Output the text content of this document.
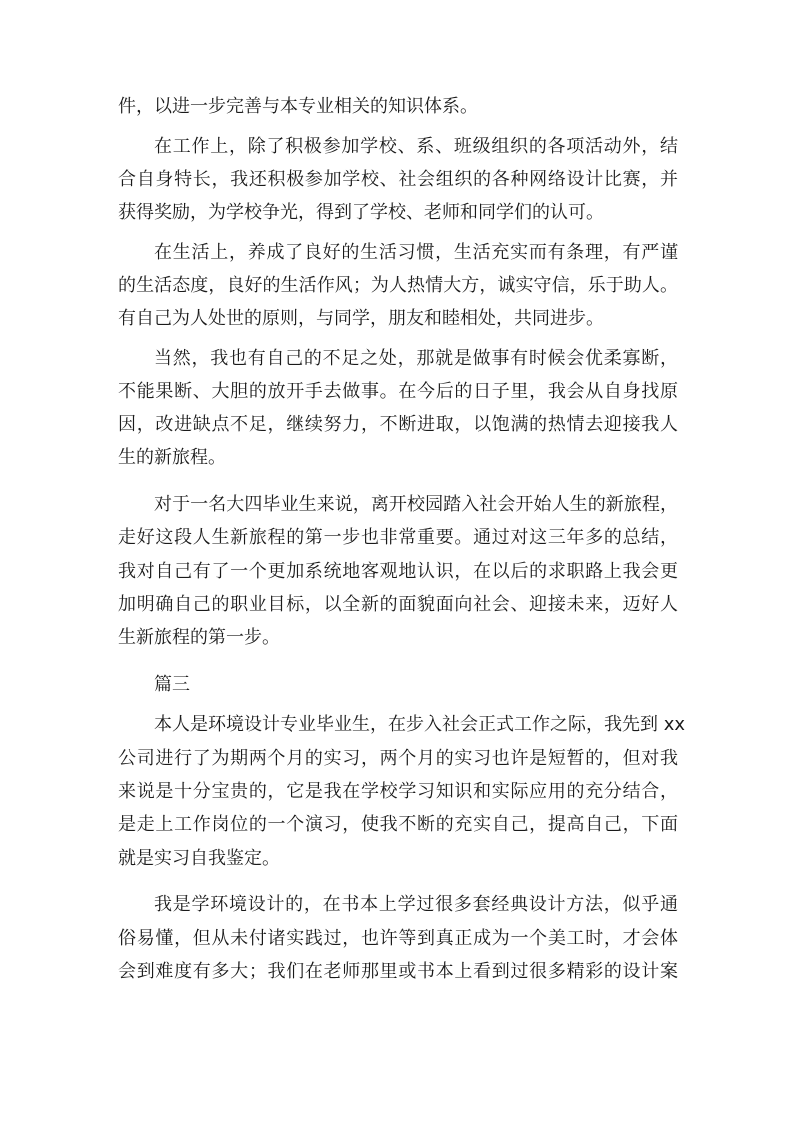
件，以进一步完善与本专业相关的知识体系。
在工作上，除了积极参加学校、系、班级组织的各项活动外，结
合自身特长，我还积极参加学校、社会组织的各种网络设计比赛，并
获得奖励，为学校争光，得到了学校、老师和同学们的认可。
在生活上，养成了良好的生活习惯，生活充实而有条理，有严谨
的生活态度，良好的生活作风；为人热情大方，诚实守信，乐于助人。
有自己为人处世的原则，与同学，朋友和睦相处，共同进步。
当然，我也有自己的不足之处，那就是做事有时候会优柔寡断，
不能果断、大胆的放开手去做事。在今后的日子里，我会从自身找原
因，改进缺点不足，继续努力，不断进取，以饱满的热情去迎接我人
生的新旅程。
对于一名大四毕业生来说，离开校园踏入社会开始人生的新旅程，
走好这段人生新旅程的第一步也非常重要。通过对这三年多的总结，
我对自己有了一个更加系统地客观地认识，在以后的求职路上我会更
加明确自己的职业目标，以全新的面貌面向社会、迎接未来，迈好人
生新旅程的第一步。
篇三
本人是环境设计专业毕业生，在步入社会正式工作之际，我先到 xx
公司进行了为期两个月的实习，两个月的实习也许是短暂的，但对我
来说是十分宝贵的，它是我在学校学习知识和实际应用的充分结合，
是走上工作岗位的一个演习，使我不断的充实自己，提高自己，下面
就是实习自我鉴定。
我是学环境设计的，在书本上学过很多套经典设计方法，似乎通
俗易懂，但从未付诸实践过，也许等到真正成为一个美工时，才会体
会到难度有多大；我们在老师那里或书本上看到过很多精彩的设计案
